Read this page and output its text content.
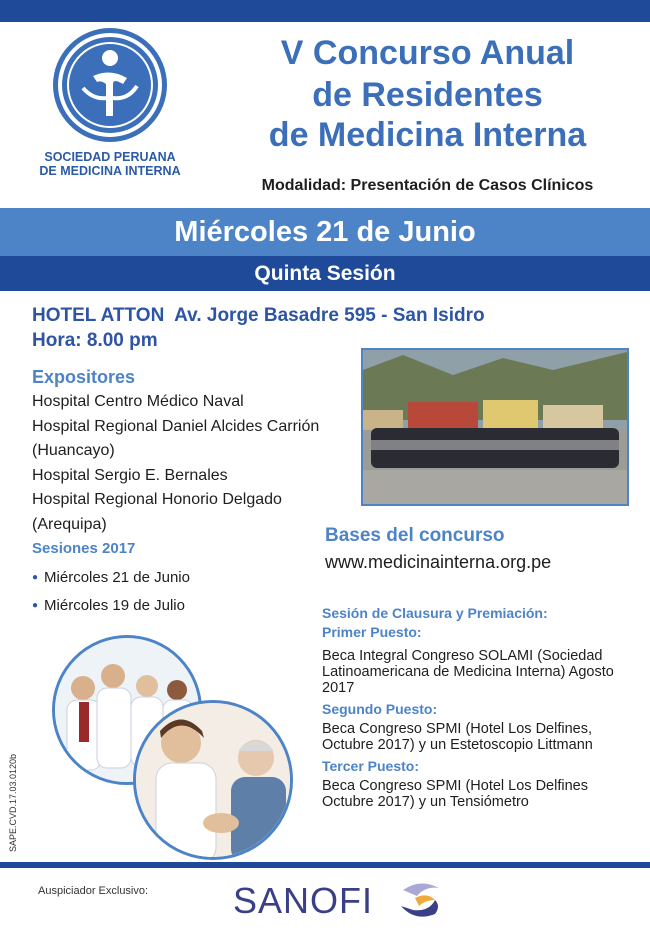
SOCIEDAD PERUANA
DE MEDICINA INTERNA
V Concurso Anual
de Residentes
de Medicina Interna
Modalidad: Presentación de Casos Clínicos
Miércoles 21 de Junio
Quinta Sesión
HOTEL ATTON  Av. Jorge Basadre 595 - San Isidro
Hora: 8.00 pm
Expositores
Hospital Centro Médico Naval
Hospital Regional Daniel Alcides Carrión
(Huancayo)
Hospital Sergio E. Bernales
Hospital Regional Honorio Delgado
(Arequipa)
Sesiones 2017
● Miércoles 21 de Junio
● Miércoles 19 de Julio
Bases del concurso
www.medicinainterna.org.pe
Sesión de Clausura y Premiación:
Primer Puesto:
Beca Integral Congreso SOLAMI (Sociedad Latinoamericana de Medicina Interna) Agosto 2017
Segundo Puesto:
Beca Congreso SPMI (Hotel Los Delfines, Octubre 2017) y un Estetoscopio Littmann
Tercer Puesto:
Beca Congreso SPMI (Hotel Los Delfines Octubre 2017) y un Tensiómetro
SAPE.CVD.17.03.0120b
Auspiciador Exclusivo: SANOFI
